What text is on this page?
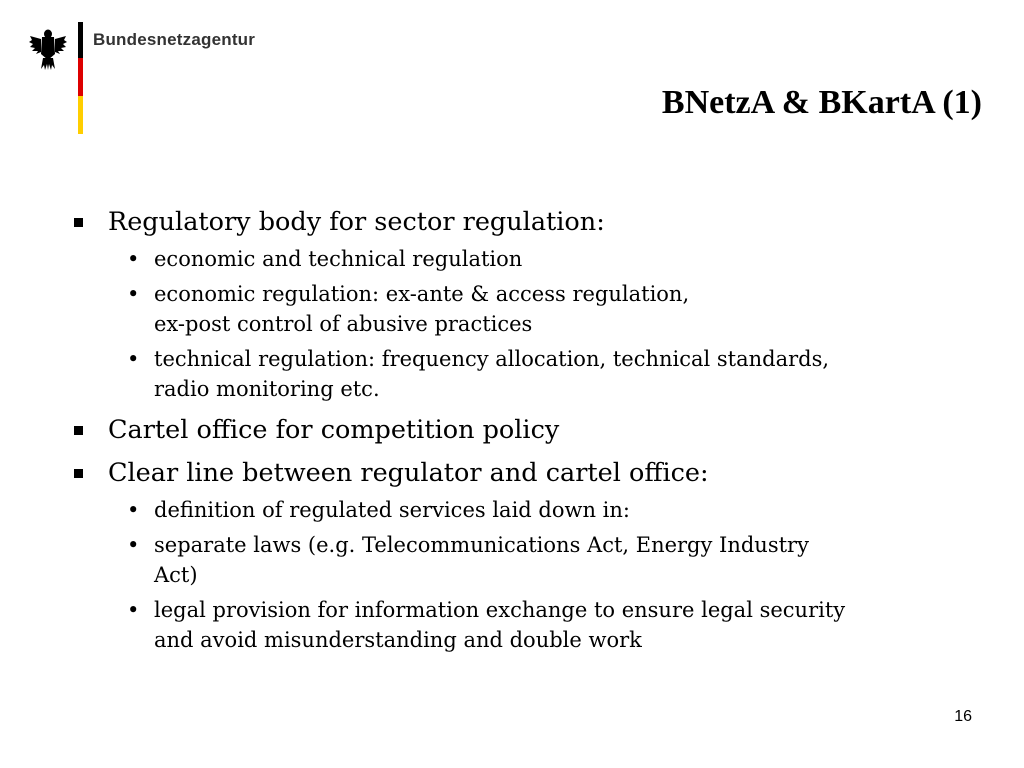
Bundesnetzagentur
BNetzA & BKartA (1)
Regulatory body for sector regulation:
• economic and technical regulation
• economic regulation: ex-ante & access regulation,
ex-post control of abusive practices
• technical regulation: frequency allocation, technical standards,
radio monitoring etc.
Cartel office for competition policy
Clear line between regulator and cartel office:
• definition of regulated services laid down in:
• separate laws (e.g. Telecommunications Act, Energy Industry
Act)
• legal provision for information exchange to ensure legal security
and avoid misunderstanding and double work
16
